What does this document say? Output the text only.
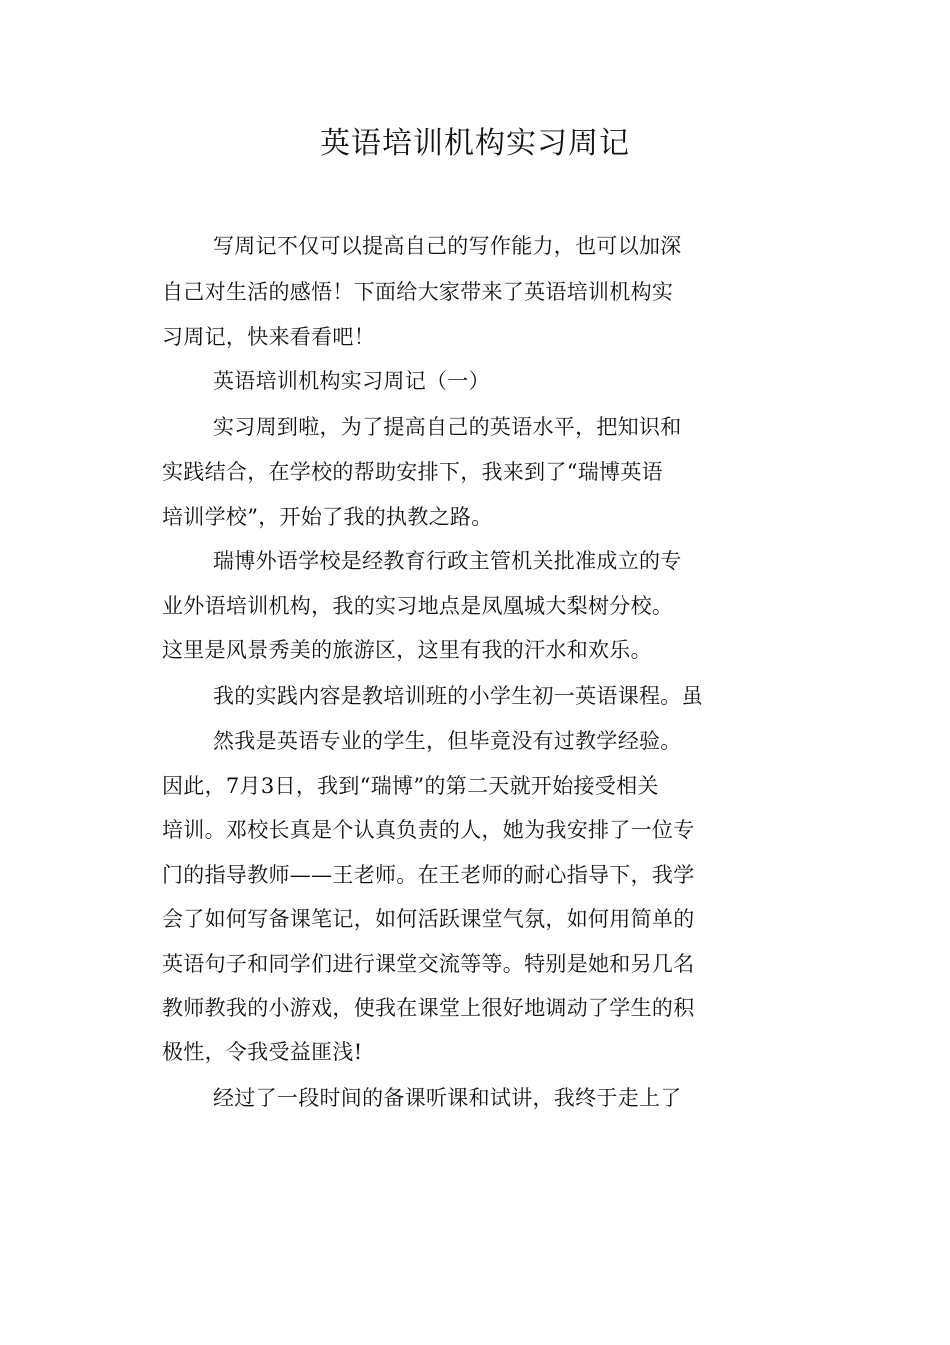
英语培训机构实习周记

写周记不仅可以提高自己的写作能力，也可以加深

自己对生活的感悟！下面给大家带来了英语培训机构实

习周记，快来看看吧！

英语培训机构实习周记（一）

实习周到啦，为了提高自己的英语水平，把知识和

实践结合，在学校的帮助安排下，我来到了“瑞博英语

培训学校”，开始了我的执教之路。

瑞博外语学校是经教育行政主管机关批准成立的专

业外语培训机构，我的实习地点是凤凰城大梨树分校。

这里是风景秀美的旅游区，这里有我的汗水和欢乐。

我的实践内容是教培训班的小学生初一英语课程。虽

然我是英语专业的学生，但毕竟没有过教学经验。

因此，7月3日，我到“瑞博”的第二天就开始接受相关

培训。邓校长真是个认真负责的人，她为我安排了一位专

门的指导教师——王老师。在王老师的耐心指导下，我学

会了如何写备课笔记，如何活跃课堂气氛，如何用简单的

英语句子和同学们进行课堂交流等等。特别是她和另几名

教师教我的小游戏，使我在课堂上很好地调动了学生的积

极性，令我受益匪浅!

经过了一段时间的备课听课和试讲，我终于走上了
